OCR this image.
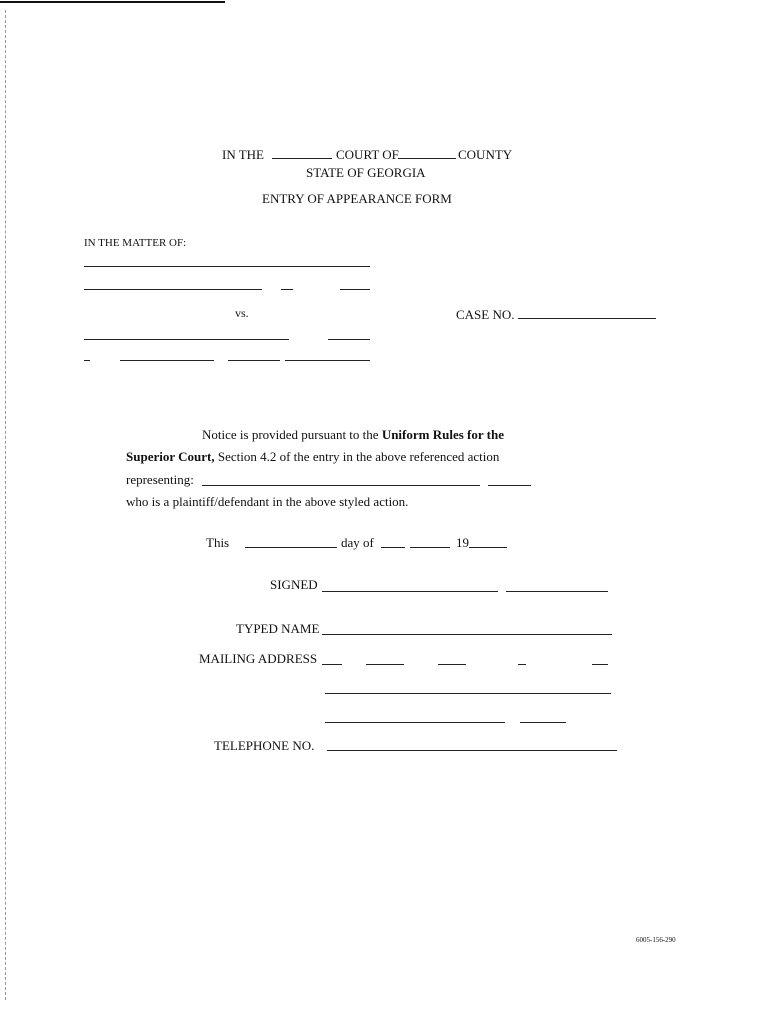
IN THE	COURT OF	COUNTY
STATE OF GEORGIA
ENTRY OF APPEARANCE FORM
IN THE MATTER OF:
vs.	CASE NO.
Notice is provided pursuant to the Uniform Rules for the
Superior Court, Section 4.2 of the entry in the above referenced action
representing:
who is a plaintiff/defendant in the above styled action.
This	day of	19
SIGNED
TYPED NAME
MAILING ADDRESS
TELEPHONE NO.
6005-156-290
